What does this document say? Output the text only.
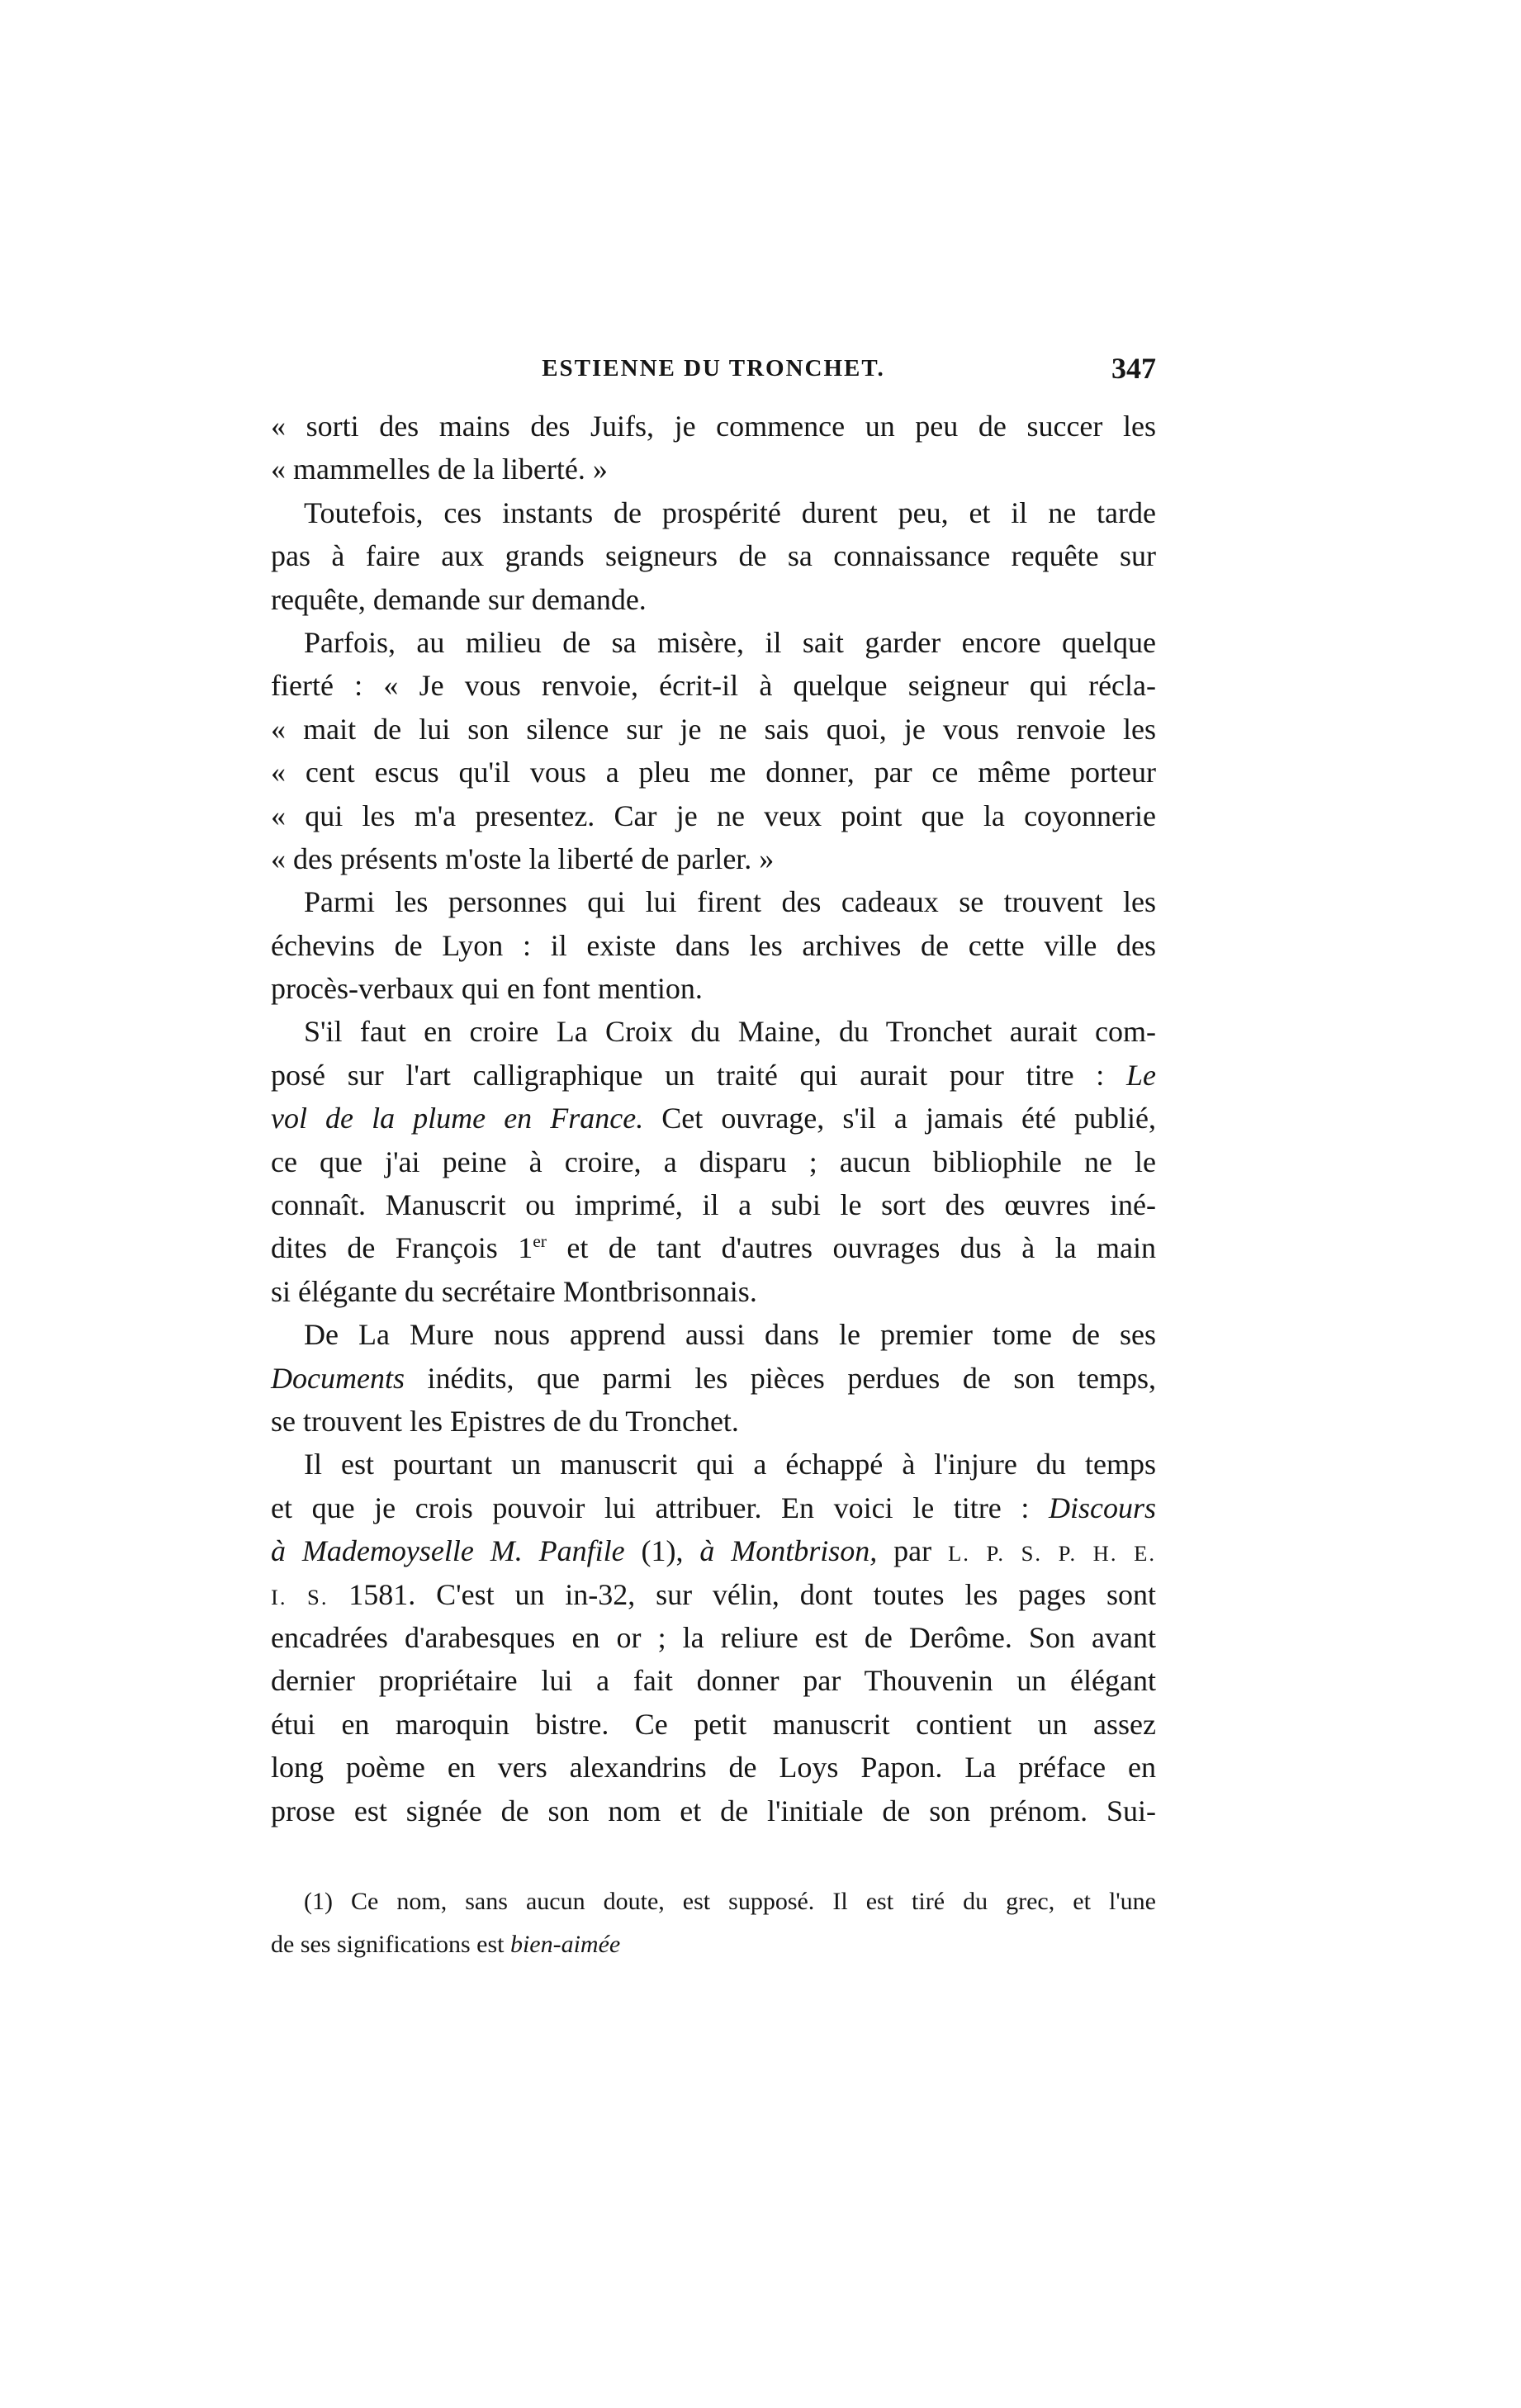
ESTIENNE DU TRONCHET.	347
« sorti des mains des Juifs, je commence un peu de succer les
« mammelles de la liberté. »
Toutefois, ces instants de prospérité durent peu, et il ne tarde
pas à faire aux grands seigneurs de sa connaissance requête sur
requête, demande sur demande.
Parfois, au milieu de sa misère, il sait garder encore quelque
fierté : « Je vous renvoie, écrit-il à quelque seigneur qui récla-
« mait de lui son silence sur je ne sais quoi, je vous renvoie les
« cent escus qu'il vous a pleu me donner, par ce même porteur
« qui les m'a presentez. Car je ne veux point que la coyonnerie
« des présents m'oste la liberté de parler. »
Parmi les personnes qui lui firent des cadeaux se trouvent les
échevins de Lyon : il existe dans les archives de cette ville des
procès-verbaux qui en font mention.
S'il faut en croire La Croix du Maine, du Tronchet aurait com-
posé sur l'art calligraphique un traité qui aurait pour titre : Le
vol de la plume en France. Cet ouvrage, s'il a jamais été publié,
ce que j'ai peine à croire, a disparu ; aucun bibliophile ne le
connaît. Manuscrit ou imprimé, il a subi le sort des œuvres iné-
dites de François 1er et de tant d'autres ouvrages dus à la main
si élégante du secrétaire Montbrisonnais.
De La Mure nous apprend aussi dans le premier tome de ses
Documents inédits, que parmi les pièces perdues de son temps,
se trouvent les Epistres de du Tronchet.
Il est pourtant un manuscrit qui a échappé à l'injure du temps
et que je crois pouvoir lui attribuer. En voici le titre : Discours
à Mademoyselle M. Panfile (1), à Montbrison, par L. P. S. P. H. E.
I. S. 1581. C'est un in-32, sur vélin, dont toutes les pages sont
encadrées d'arabesques en or ; la reliure est de Derôme. Son avant
dernier propriétaire lui a fait donner par Thouvenin un élégant
étui en maroquin bistre. Ce petit manuscrit contient un assez
long poème en vers alexandrins de Loys Papon. La préface en
prose est signée de son nom et de l'initiale de son prénom. Sui-
(1) Ce nom, sans aucun doute, est supposé. Il est tiré du grec, et l'une
de ses significations est bien-aimée
